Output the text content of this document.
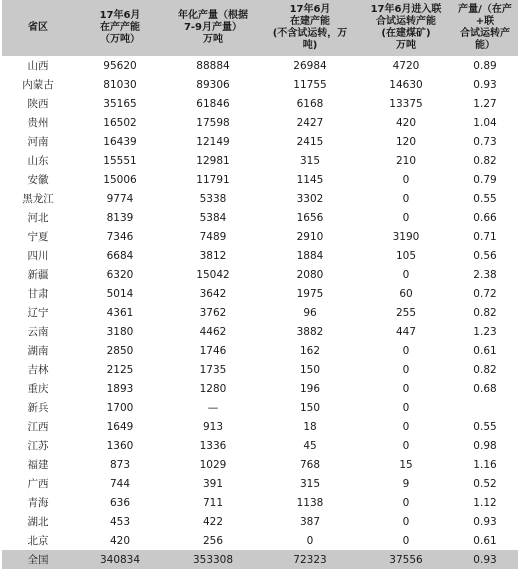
省区	17年6月
在产产能
（万吨）	年化产量（根据
7-9月产量）
万吨	17年6月
在建产能
(不含试运转，万
吨)	17年6月进入联
合试运转产能
(在建煤矿)
万吨	产量/（在产+联
合试运转产能）
山西	95620	88884	26984	4720	0.89
内蒙古	81030	89306	11755	14630	0.93
陕西	35165	61846	6168	13375	1.27
贵州	16502	17598	2427	420	1.04
河南	16439	12149	2415	120	0.73
山东	15551	12981	315	210	0.82
安徽	15006	11791	1145	0	0.79
黑龙江	9774	5338	3302	0	0.55
河北	8139	5384	1656	0	0.66
宁夏	7346	7489	2910	3190	0.71
四川	6684	3812	1884	105	0.56
新疆	6320	15042	2080	0	2.38
甘肃	5014	3642	1975	60	0.72
辽宁	4361	3762	96	255	0.82
云南	3180	4462	3882	447	1.23
湖南	2850	1746	162	0	0.61
吉林	2125	1735	150	0	0.82
重庆	1893	1280	196	0	0.68
新兵	1700	—	150	0	
江西	1649	913	18	0	0.55
江苏	1360	1336	45	0	0.98
福建	873	1029	768	15	1.16
广西	744	391	315	9	0.52
青海	636	711	1138	0	1.12
湖北	453	422	387	0	0.93
北京	420	256	0	0	0.61
全国	340834	353308	72323	37556	0.93
